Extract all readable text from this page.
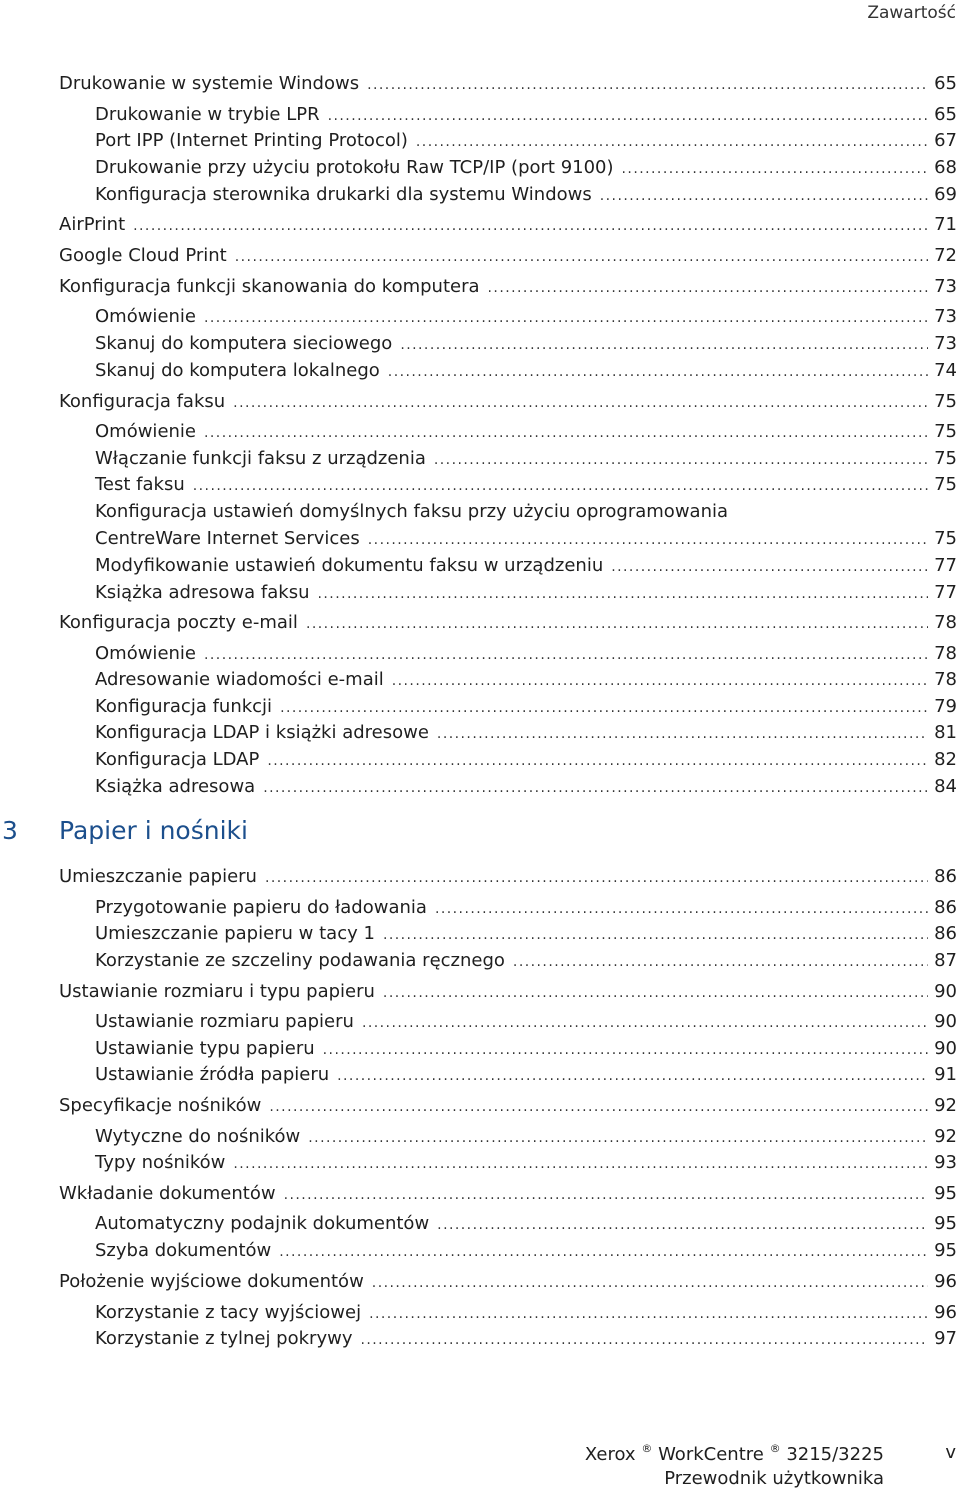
Zawartość
Drukowanie w systemie Windows . . .	65
Drukowanie w trybie LPR . . .	65
Port IPP (Internet Printing Protocol) . . .	67
Drukowanie przy użyciu protokołu Raw TCP/IP (port 9100) . . .	68
Konfiguracja sterownika drukarki dla systemu Windows . . .	69
AirPrint . . .	71
Google Cloud Print . . .	72
Konfiguracja funkcji skanowania do komputera . . .	73
Omówienie . . .	73
Skanuj do komputera sieciowego . . .	73
Skanuj do komputera lokalnego . . .	74
Konfiguracja faksu . . .	75
Omówienie . . .	75
Włączanie funkcji faksu z urządzenia . . .	75
Test faksu . . .	75
Konfiguracja ustawień domyślnych faksu przy użyciu oprogramowania
CentreWare Internet Services . . .	75
Modyfikowanie ustawień dokumentu faksu w urządzeniu . . .	77
Książka adresowa faksu . . .	77
Konfiguracja poczty e-mail . . .	78
Omówienie . . .	78
Adresowanie wiadomości e-mail . . .	78
Konfiguracja funkcji . . .	79
Konfiguracja LDAP i książki adresowe . . .	81
Konfiguracja LDAP . . .	82
Książka adresowa . . .	84
3	Papier i nośniki
Umieszczanie papieru . . .	86
Przygotowanie papieru do ładowania . . .	86
Umieszczanie papieru w tacy 1 . . .	86
Korzystanie ze szczeliny podawania ręcznego . . .	87
Ustawianie rozmiaru i typu papieru . . .	90
Ustawianie rozmiaru papieru . . .	90
Ustawianie typu papieru . . .	90
Ustawianie źródła papieru . . .	91
Specyfikacje nośników . . .	92
Wytyczne do nośników . . .	92
Typy nośników . . .	93
Wkładanie dokumentów . . .	95
Automatyczny podajnik dokumentów . . .	95
Szyba dokumentów . . .	95
Położenie wyjściowe dokumentów . . .	96
Korzystanie z tacy wyjściowej . . .	96
Korzystanie z tylnej pokrywy . . .	97
Xerox ® WorkCentre ® 3215/3225
Przewodnik użytkownika
v
